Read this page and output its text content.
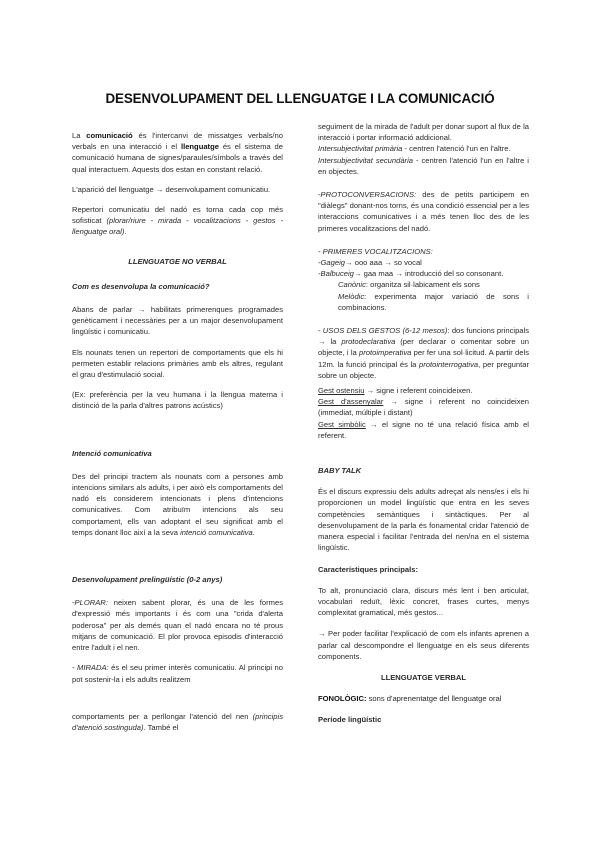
DESENVOLUPAMENT DEL LLENGUATGE I LA COMUNICACIÓ

La comunicació és l'intercanvi de missatges verbals/no verbals en una interacció i el llenguatge és el sistema de comunicació humana de signes/paraules/símbols a través del qual interactuem. Aquests dos estan en constant relació.

L'aparició del llenguatge → desenvolupament comunicatiu.

Repertori comunicatiu del nadó es torna cada cop més sofisticat (plorar/riure - mirada - vocalitzacions - gestos - llenguatge oral).

LLENGUATGE NO VERBAL

Com es desenvolupa la comunicació?

Abans de parlar → habilitats primerenques programades genèticament i necessàries per a un major desenvolupament lingüístic i comunicatiu.

Els nounats tenen un repertori de comportaments que els hi permeten establir relacions primàries amb els altres, regulant el grau d'estimulació social.

(Ex: preferència per la veu humana i la llengua materna i distinció de la parla d'altres patrons acústics)

Intenció comunicativa

Des del principi tractem als nounats com a persones amb intencions similars als adults, i per això els comportaments del nadó els considerem intencionats i plens d'intencions comunicatives. Com atribuïm intencions als seu comportament, ells van adoptant el seu significat amb el temps donant lloc així a la seva intenció comunicativa.

Desenvolupament prelingüístic (0-2 anys)

-PLORAR: neixen sabent plorar, és una de les formes d'expressió més importants i és com una "crida d'alerta poderosa" per als demés quan el nadó encara no té prous mitjans de comunicació. El plor provoca episodis d'interacció entre l'adult i el nen.

- MIRADA: és el seu primer interès comunicatiu. Al principi no pot sostenir-la i els adults realitzem

comportaments per a perllongar l'atenció del nen (principis d'atenció sostinguda). També el

seguiment de la mirada de l'adult per donar suport al flux de la interacció i portar informació addicional.

Intersubjectivitat primària - centren l'atenció l'un en l'altre.

Intersubjectivitat secundària - centren l'atenció l'un en l'altre i en objectes.

-PROTOCONVERSACIONS: des de petits participem en "diàlegs" donant-nos torns, és una condició essencial per a les interaccions comunicatives i a més tenen lloc des de les primeres vocalitzacions del nadó.

- PRIMERES VOCALITZACIONS:

-Gageig→ ooo aaa → so vocal

-Balbuceig→ gaa maa → introducció del so consonant.

Canònic: organitza sil·labicament els sons

Melòdic: experimenta major variació de sons i combinacions.

- USOS DELS GESTOS (6-12 mesos): dos funcions principals → la protodeclarativa (per declarar o comentar sobre un objecte, i la protoimperativa per fer una sol·licitud. A partir dels 12m. la funció principal és la protointerrogativa, per preguntar sobre un objecte.

Gest ostensiu → signe i referent coincideixen.

Gest d'assenyalar → signe i referent no coincideixen (immediat, múltiple i distant)

Gest simbòlic → el signe no té una relació física amb el referent.

BABY TALK

És el discurs expressiu dels adults adreçat als nens/es i els hi proporcionen un model lingüístic que entra en les seves competències semàntiques i sintàctiques. Per al desenvolupament de la parla és fonamental cridar l'atenció de manera especial i facilitar l'entrada del nen/na en el sistema lingüístic.

Característiques principals:

To alt, pronunciació clara, discurs més lent i ben articulat, vocabulari reduït, lèxic concret, frases curtes, menys complexitat gramatical, més gestos...

→ Per poder facilitar l'explicació de com els infants aprenen a parlar cal descompondre el llenguatge en els seus diferents components.

LLENGUATGE VERBAL

FONOLÒGIC: sons d'aprenentatge del llenguatge oral

Període lingüístic
